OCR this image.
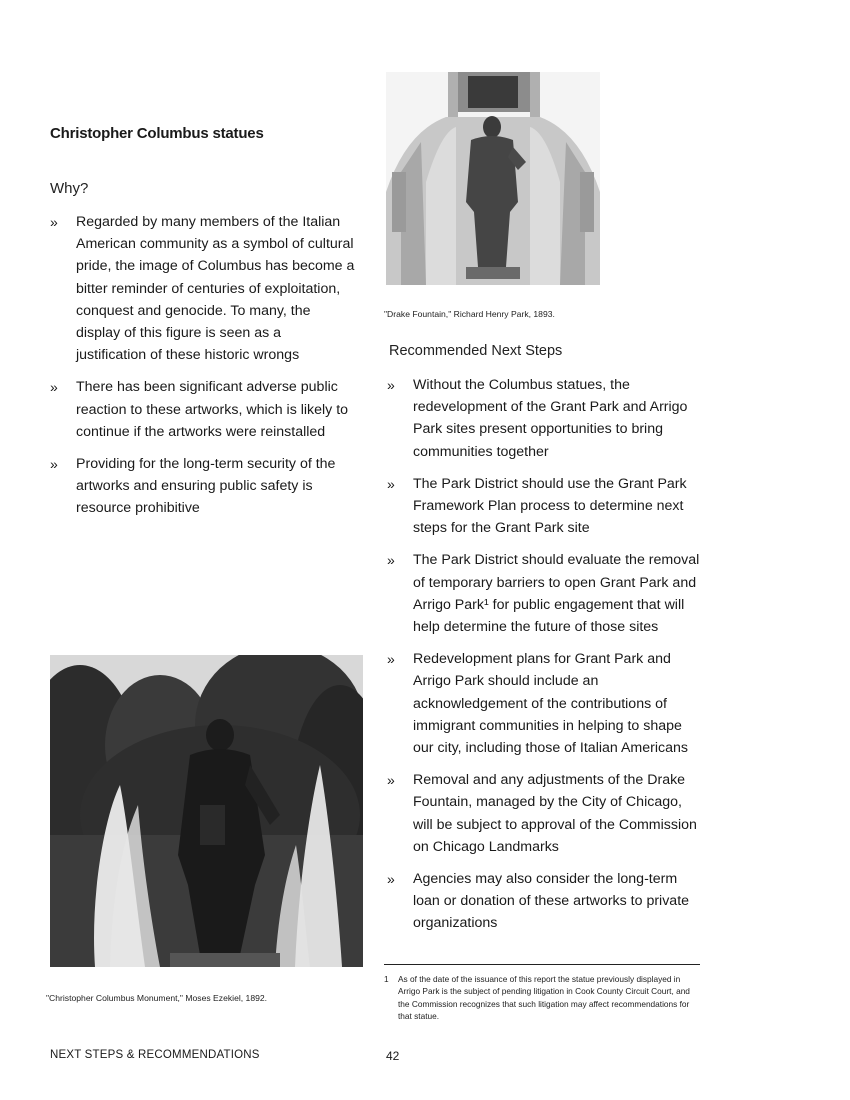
Christopher Columbus statues
Why?
» Regarded by many members of the Italian American community as a symbol of cultural pride, the image of Columbus has become a bitter reminder of centuries of exploitation, conquest and genocide. To many, the display of this figure is seen as a justification of these historic wrongs
» There has been significant adverse public reaction to these artworks, which is likely to continue if the artworks were reinstalled
» Providing for the long-term security of the artworks and ensuring public safety is resource prohibitive
"Christopher Columbus Monument," Moses Ezekiel, 1892.
"Drake Fountain," Richard Henry Park, 1893.
Recommended Next Steps
» Without the Columbus statues, the redevelopment of the Grant Park and Arrigo Park sites present opportunities to bring communities together
» The Park District should use the Grant Park Framework Plan process to determine next steps for the Grant Park site
» The Park District should evaluate the removal of temporary barriers to open Grant Park and Arrigo Park¹ for public engagement that will help determine the future of those sites
» Redevelopment plans for Grant Park and Arrigo Park should include an acknowledgement of the contributions of immigrant communities in helping to shape our city, including those of Italian Americans
» Removal and any adjustments of the Drake Fountain, managed by the City of Chicago, will be subject to approval of the Commission on Chicago Landmarks
» Agencies may also consider the long-term loan or donation of these artworks to private organizations
1	As of the date of the issuance of this report the statue previously displayed in Arrigo Park is the subject of pending litigation in Cook County Circuit Court, and the Commission recognizes that such litigation may affect recommendations for that statue.
NEXT STEPS & RECOMMENDATIONS	42
